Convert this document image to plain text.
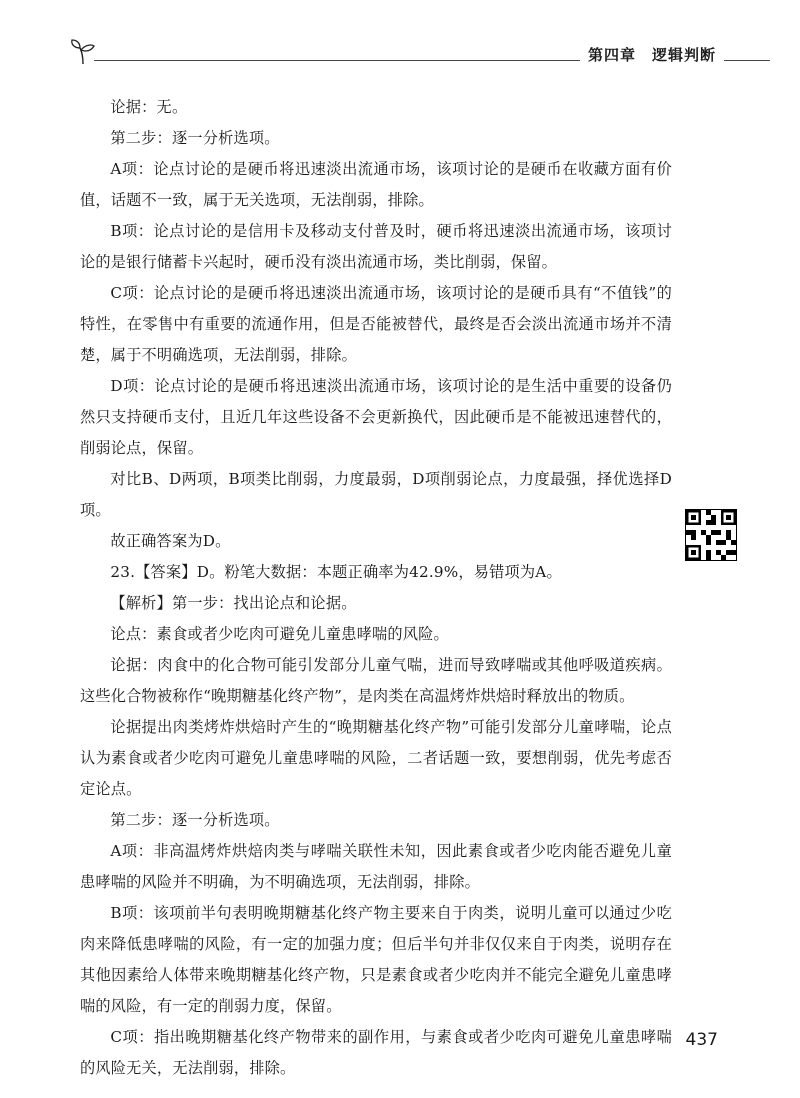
第四章 逻辑判断

论据：无。

第二步：逐一分析选项。

A项：论点讨论的是硬币将迅速淡出流通市场，该项讨论的是硬币在收藏方面有价值，话题不一致，属于无关选项，无法削弱，排除。

B项：论点讨论的是信用卡及移动支付普及时，硬币将迅速淡出流通市场，该项讨论的是银行储蓄卡兴起时，硬币没有淡出流通市场，类比削弱，保留。

C项：论点讨论的是硬币将迅速淡出流通市场，该项讨论的是硬币具有“不值钱”的特性，在零售中有重要的流通作用，但是否能被替代，最终是否会淡出流通市场并不清楚，属于不明确选项，无法削弱，排除。

D项：论点讨论的是硬币将迅速淡出流通市场，该项讨论的是生活中重要的设备仍然只支持硬币支付，且近几年这些设备不会更新换代，因此硬币是不能被迅速替代的，削弱论点，保留。

对比B、D两项，B项类比削弱，力度最弱，D项削弱论点，力度最强，择优选择D项。

故正确答案为D。

23.【答案】D。粉笔大数据：本题正确率为42.9%，易错项为A。

【解析】第一步：找出论点和论据。

论点：素食或者少吃肉可避免儿童患哮喘的风险。

论据：肉食中的化合物可能引发部分儿童气喘，进而导致哮喘或其他呼吸道疾病。这些化合物被称作“晚期糖基化终产物”，是肉类在高温烤炸烘焙时释放出的物质。

论据提出肉类烤炸烘焙时产生的“晚期糖基化终产物”可能引发部分儿童哮喘，论点认为素食或者少吃肉可避免儿童患哮喘的风险，二者话题一致，要想削弱，优先考虑否定论点。

第二步：逐一分析选项。

A项：非高温烤炸烘焙肉类与哮喘关联性未知，因此素食或者少吃肉能否避免儿童患哮喘的风险并不明确，为不明确选项，无法削弱，排除。

B项：该项前半句表明晚期糖基化终产物主要来自于肉类，说明儿童可以通过少吃肉来降低患哮喘的风险，有一定的加强力度；但后半句并非仅仅来自于肉类，说明存在其他因素给人体带来晚期糖基化终产物，只是素食或者少吃肉并不能完全避免儿童患哮喘的风险，有一定的削弱力度，保留。

C项：指出晚期糖基化终产物带来的副作用，与素食或者少吃肉可避免儿童患哮喘的风险无关，无法削弱，排除。

437
